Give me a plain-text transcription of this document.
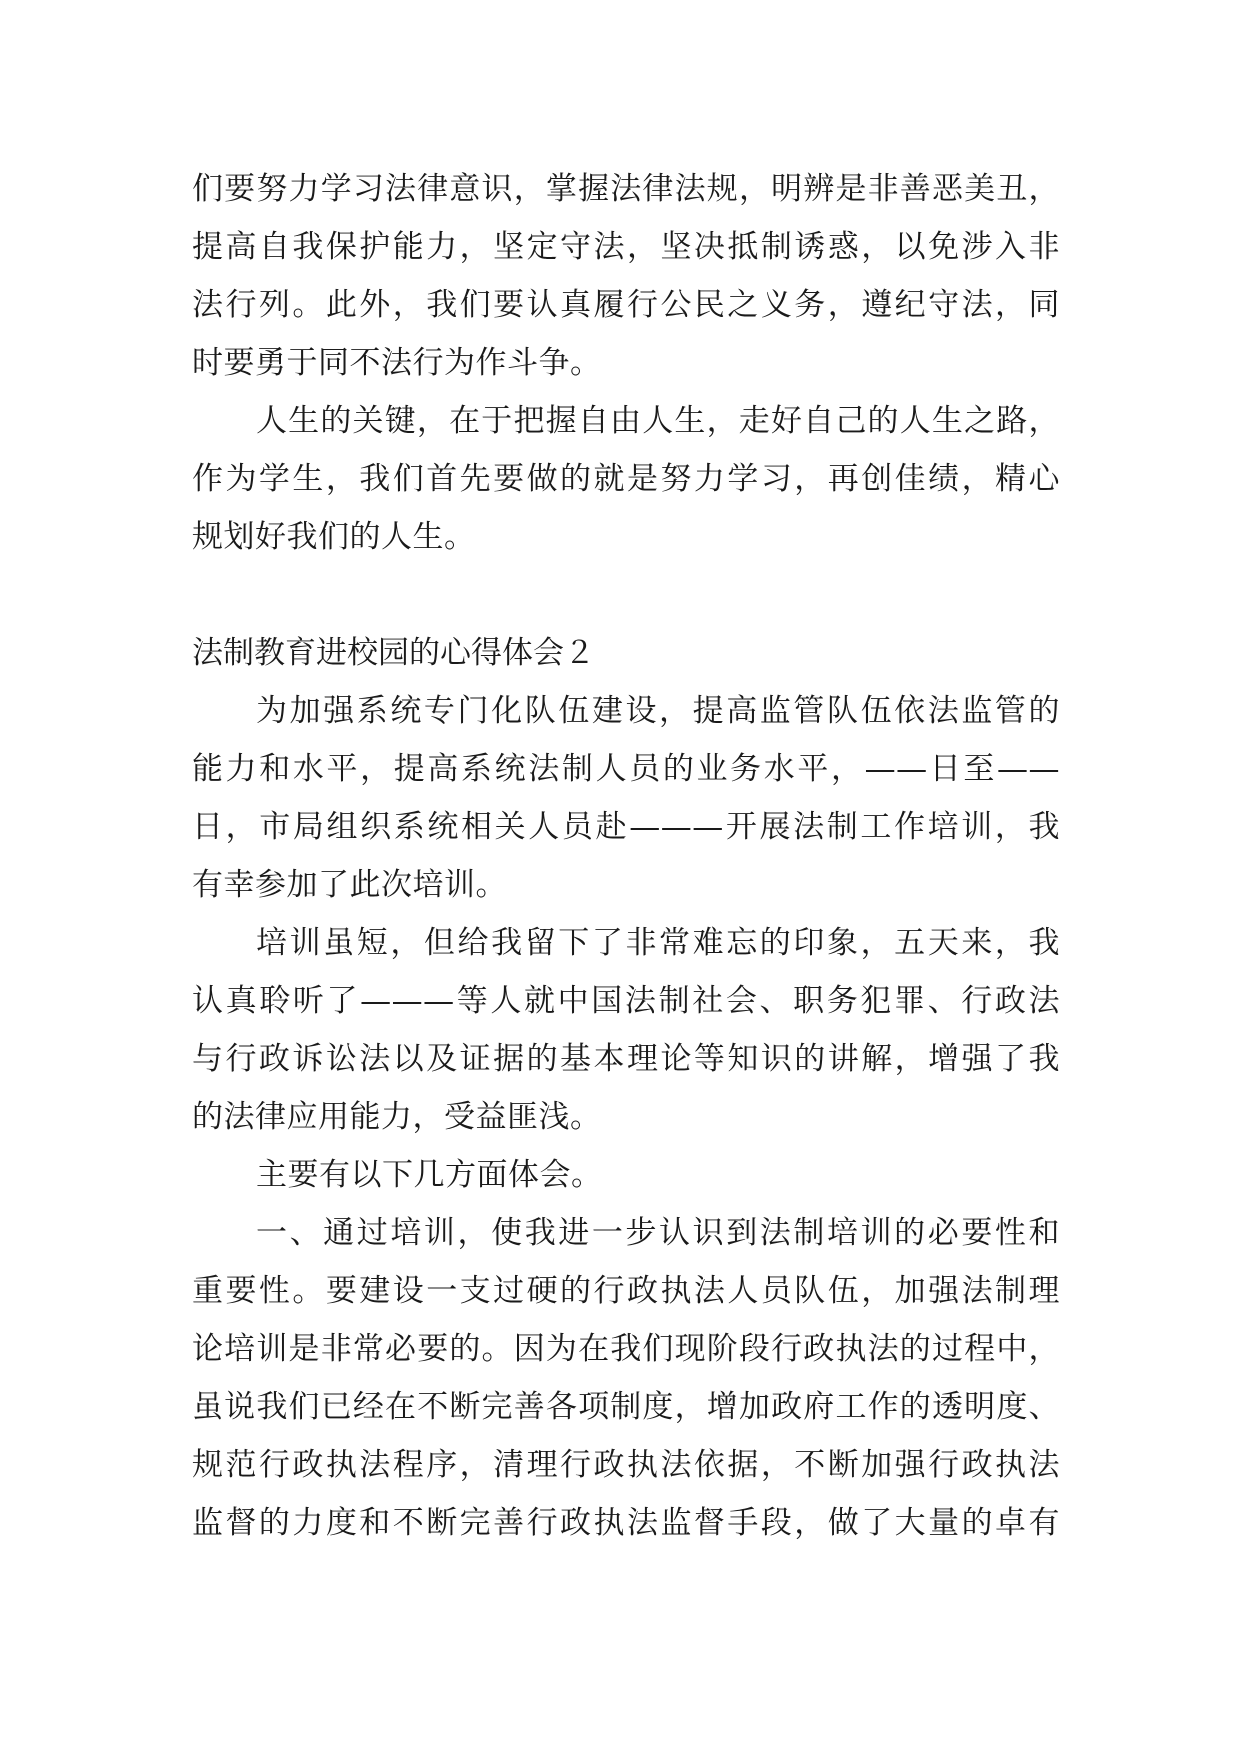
们要努力学习法律意识，掌握法律法规，明辨是非善恶美丑，
提高自我保护能力，坚定守法，坚决抵制诱惑，以免涉入非
法行列。此外，我们要认真履行公民之义务，遵纪守法，同
时要勇于同不法行为作斗争。
人生的关键，在于把握自由人生，走好自己的人生之路，
作为学生，我们首先要做的就是努力学习，再创佳绩，精心
规划好我们的人生。
法制教育进校园的心得体会２
为加强系统专门化队伍建设，提高监管队伍依法监管的
能力和水平，提高系统法制人员的业务水平，——日至——
日，市局组织系统相关人员赴———开展法制工作培训，我
有幸参加了此次培训。
培训虽短，但给我留下了非常难忘的印象，五天来，我
认真聆听了———等人就中国法制社会、职务犯罪、行政法
与行政诉讼法以及证据的基本理论等知识的讲解，增强了我
的法律应用能力，受益匪浅。
主要有以下几方面体会。
一、通过培训，使我进一步认识到法制培训的必要性和
重要性。要建设一支过硬的行政执法人员队伍，加强法制理
论培训是非常必要的。因为在我们现阶段行政执法的过程中，
虽说我们已经在不断完善各项制度，增加政府工作的透明度、
规范行政执法程序，清理行政执法依据，不断加强行政执法
监督的力度和不断完善行政执法监督手段，做了大量的卓有
